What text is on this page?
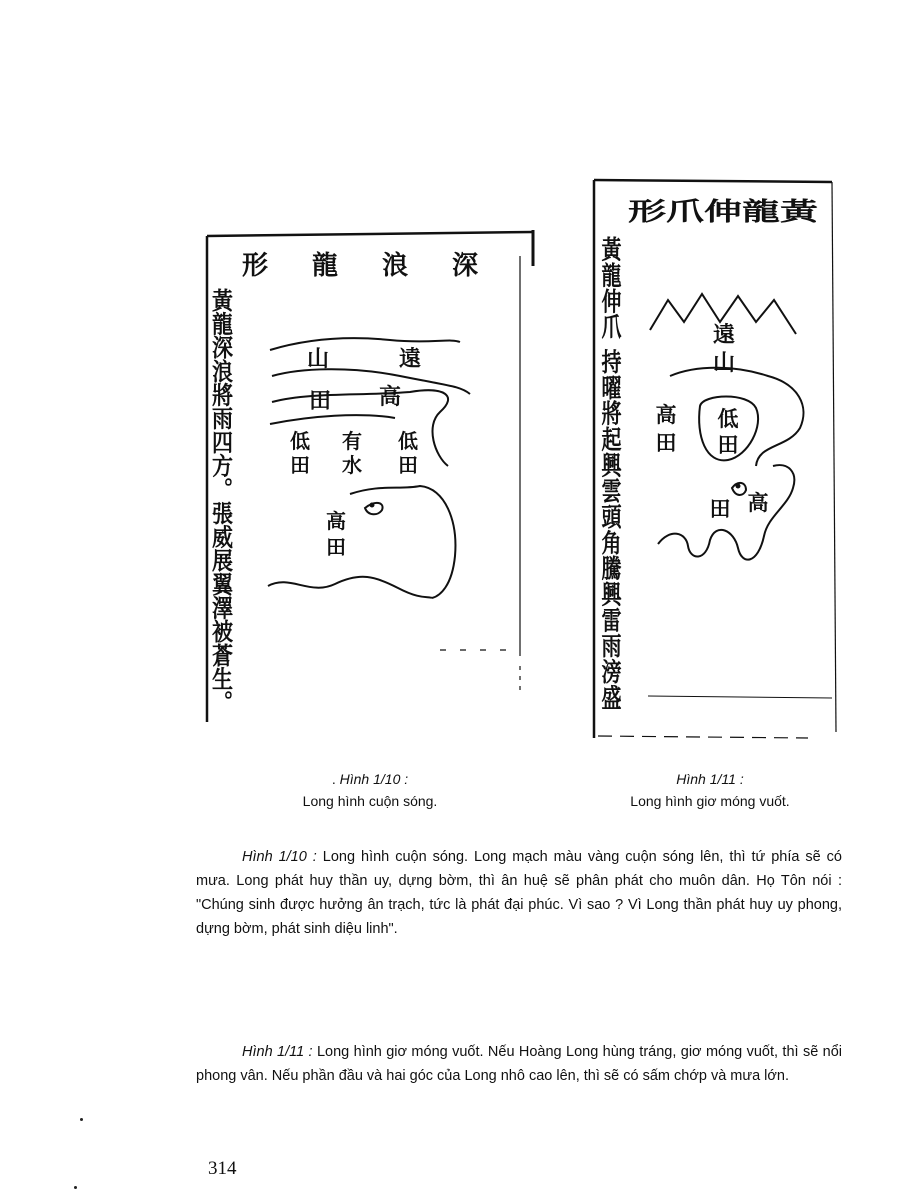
形 龍 浪 深
黃龍深浪將雨四方。張威展翼澤被蒼生。	遠
山
高
田
低
田
有
水
低
田
高
田
形爪伸龍黃
黃龍伸爪 持曜將起興雲頭角騰興雷雨滂盛	遠
山
高
田
低
田
田 高
. Hình 1/10 :
Long hình cuộn sóng.
Hình 1/11 :
Long hình giơ móng vuốt.

Hình 1/10 : Long hình cuộn sóng. Long mạch màu vàng cuộn sóng lên, thì tứ phía sẽ có mưa. Long phát huy thần uy, dựng bờm, thì ân huệ sẽ phân phát cho muôn dân. Họ Tôn nói : "Chúng sinh được hưởng ân trạch, tức là phát đại phúc. Vì sao ? Vì Long thần phát huy uy phong, dựng bờm, phát sinh diệu linh".

Hình 1/11 : Long hình giơ móng vuốt. Nếu Hoàng Long hùng tráng, giơ móng vuốt, thì sẽ nổi phong vân. Nếu phần đầu và hai góc của Long nhô cao lên, thì sẽ có sấm chớp và mưa lớn.

314
